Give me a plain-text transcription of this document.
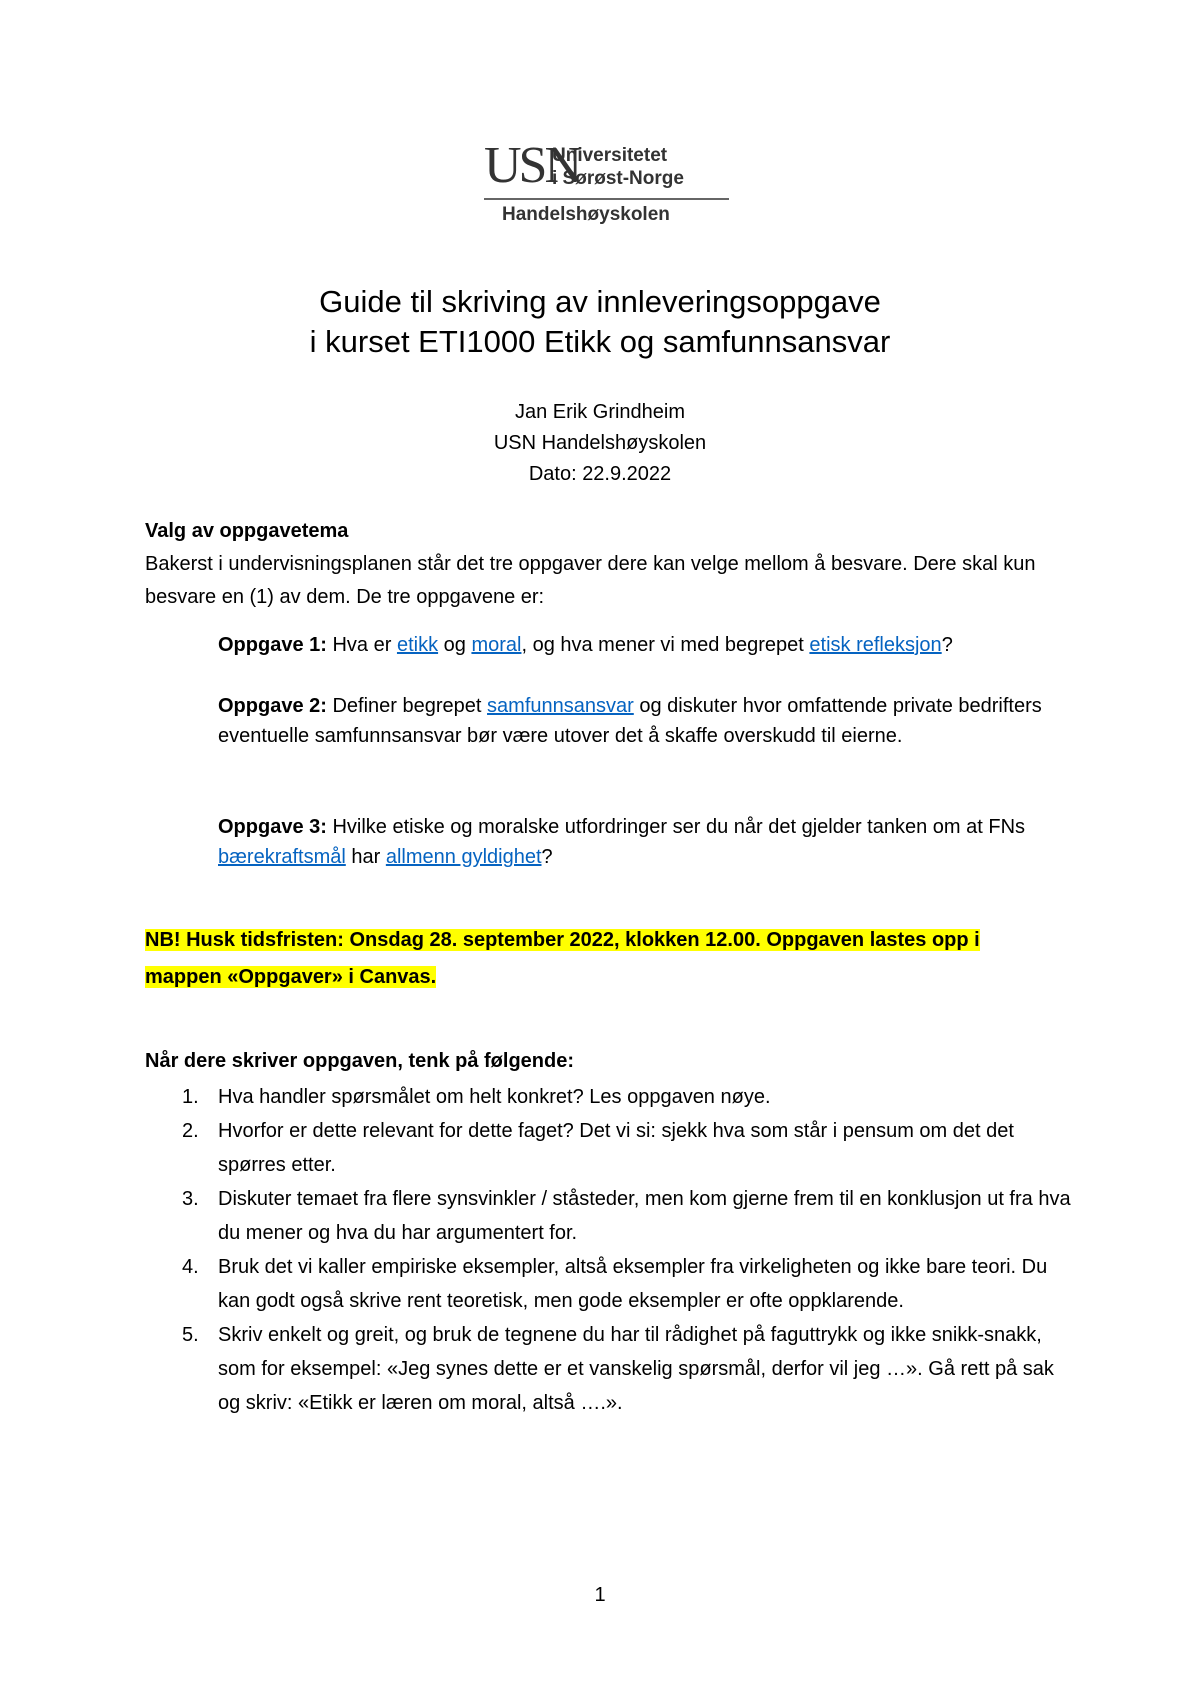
USN
Universitetet
i Sørøst-Norge
Handelshøyskolen
Guide til skriving av innleveringsoppgave
i kurset ETI1000 Etikk og samfunnsansvar
Jan Erik Grindheim
USN Handelshøyskolen
Dato: 22.9.2022
Valg av oppgavetema
Bakerst i undervisningsplanen står det tre oppgaver dere kan velge mellom å besvare. Dere skal kun besvare en (1) av dem. De tre oppgavene er:
Oppgave 1: Hva er etikk og moral, og hva mener vi med begrepet etisk refleksjon?
Oppgave 2: Definer begrepet samfunnsansvar og diskuter hvor omfattende private bedrifters eventuelle samfunnsansvar bør være utover det å skaffe overskudd til eierne.
Oppgave 3: Hvilke etiske og moralske utfordringer ser du når det gjelder tanken om at FNs bærekraftsmål har allmenn gyldighet?
NB! Husk tidsfristen: Onsdag 28. september 2022, klokken 12.00. Oppgaven lastes opp i
mappen «Oppgaver» i Canvas.
Når dere skriver oppgaven, tenk på følgende:
1. Hva handler spørsmålet om helt konkret? Les oppgaven nøye.
2. Hvorfor er dette relevant for dette faget? Det vi si: sjekk hva som står i pensum om det det spørres etter.
3. Diskuter temaet fra flere synsvinkler / ståsteder, men kom gjerne frem til en konklusjon ut fra hva du mener og hva du har argumentert for.
4. Bruk det vi kaller empiriske eksempler, altså eksempler fra virkeligheten og ikke bare teori. Du kan godt også skrive rent teoretisk, men gode eksempler er ofte oppklarende.
5. Skriv enkelt og greit, og bruk de tegnene du har til rådighet på faguttrykk og ikke snikk-snakk, som for eksempel: «Jeg synes dette er et vanskelig spørsmål, derfor vil jeg …». Gå rett på sak og skriv: «Etikk er læren om moral, altså ….».
1
